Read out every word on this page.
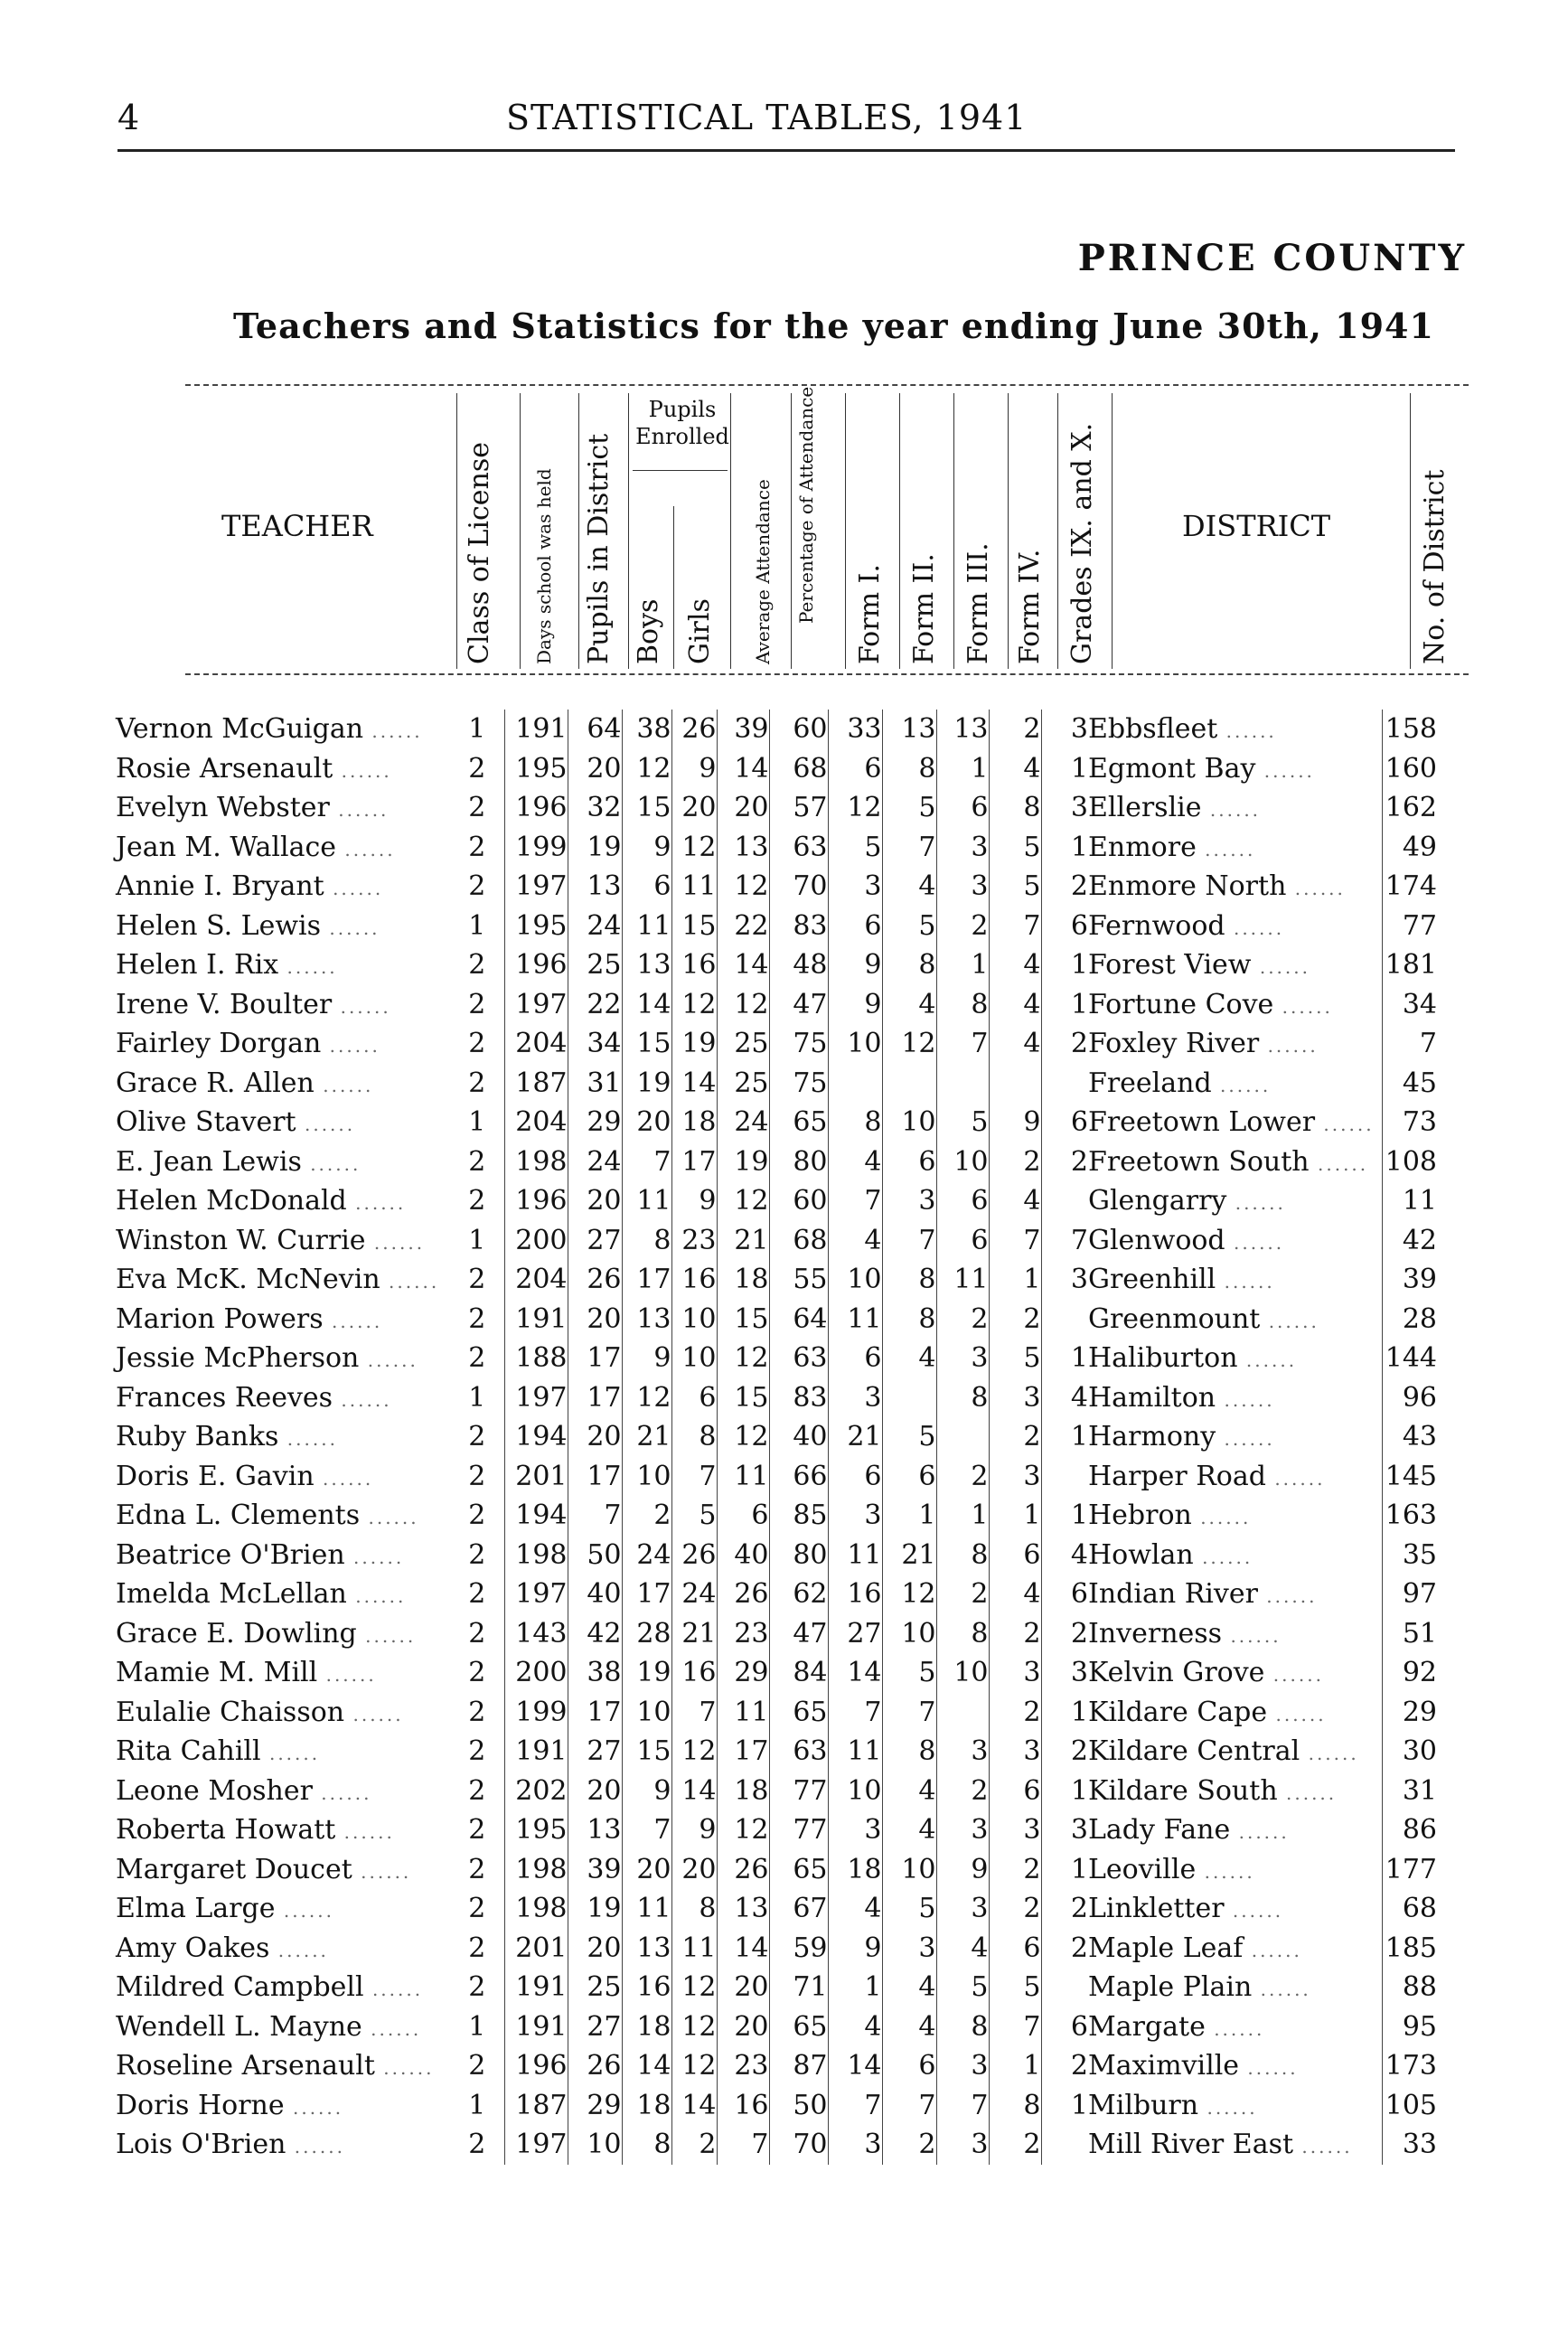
4	STATISTICAL TABLES, 1941
PRINCE COUNTY
Teachers and Statistics for the year ending June 30th, 1941
TEACHER	Class of License Days school was held Pupils in District
Pupils Enrolled
Boys Girls Average Attendance Percentage of Attendance Form I. Form II. Form III. Form IV. Grades IX. and X.	DISTRICT	No. of District
Vernon McGuigan ......	1	191	64	38	26	39	60	33	13	13	2	3	Ebbsfleet ......	158
Rosie Arsenault ......	2	195	20	12	9	14	68	6	8	1	4	1	Egmont Bay ......	160
Evelyn Webster ......	2	196	32	15	20	20	57	12	5	6	8	3	Ellerslie ......	162
Jean M. Wallace ......	2	199	19	9	12	13	63	5	7	3	5	1	Enmore ......	49
Annie I. Bryant ......	2	197	13	6	11	12	70	3	4	3	5	2	Enmore North ......	174
Helen S. Lewis ......	1	195	24	11	15	22	83	6	5	2	7	6	Fernwood ......	77
Helen I. Rix ......	2	196	25	13	16	14	48	9	8	1	4	1	Forest View ......	181
Irene V. Boulter ......	2	197	22	14	12	12	47	9	4	8	4	1	Fortune Cove ......	34
Fairley Dorgan ......	2	204	34	15	19	25	75	10	12	7	4	2	Foxley River ......	7
Grace R. Allen ......	2	187	31	19	14	25	75						Freeland ......	45
Olive Stavert ......	1	204	29	20	18	24	65	8	10	5	9	6	Freetown Lower ......	73
E. Jean Lewis ......	2	198	24	7	17	19	80	4	6	10	2	2	Freetown South ......	108
Helen McDonald ......	2	196	20	11	9	12	60	7	3	6	4		Glengarry ......	11
Winston W. Currie ......	1	200	27	8	23	21	68	4	7	6	7	7	Glenwood ......	42
Eva McK. McNevin ......	2	204	26	17	16	18	55	10	8	11	1	3	Greenhill ......	39
Marion Powers ......	2	191	20	13	10	15	64	11	8	2	2		Greenmount ......	28
Jessie McPherson ......	2	188	17	9	10	12	63	6	4	3	5	1	Haliburton ......	144
Frances Reeves ......	1	197	17	12	6	15	83	3		8	3	4	Hamilton ......	96
Ruby Banks ......	2	194	20	21	8	12	40	21	5		2	1	Harmony ......	43
Doris E. Gavin ......	2	201	17	10	7	11	66	6	6	2	3		Harper Road ......	145
Edna L. Clements ......	2	194	7	2	5	6	85	3	1	1	1	1	Hebron ......	163
Beatrice O'Brien ......	2	198	50	24	26	40	80	11	21	8	6	4	Howlan ......	35
Imelda McLellan ......	2	197	40	17	24	26	62	16	12	2	4	6	Indian River ......	97
Grace E. Dowling ......	2	143	42	28	21	23	47	27	10	8	2	2	Inverness ......	51
Mamie M. Mill ......	2	200	38	19	16	29	84	14	5	10	3	3	Kelvin Grove ......	92
Eulalie Chaisson ......	2	199	17	10	7	11	65	7	7		2	1	Kildare Cape ......	29
Rita Cahill ......	2	191	27	15	12	17	63	11	8	3	3	2	Kildare Central ......	30
Leone Mosher ......	2	202	20	9	14	18	77	10	4	2	6	1	Kildare South ......	31
Roberta Howatt ......	2	195	13	7	9	12	77	3	4	3	3	3	Lady Fane ......	86
Margaret Doucet ......	2	198	39	20	20	26	65	18	10	9	2	1	Leoville ......	177
Elma Large ......	2	198	19	11	8	13	67	4	5	3	2	2	Linkletter ......	68
Amy Oakes ......	2	201	20	13	11	14	59	9	3	4	6	2	Maple Leaf ......	185
Mildred Campbell ......	2	191	25	16	12	20	71	1	4	5	5		Maple Plain ......	88
Wendell L. Mayne ......	1	191	27	18	12	20	65	4	4	8	7	6	Margate ......	95
Roseline Arsenault ......	2	196	26	14	12	23	87	14	6	3	1	2	Maximville ......	173
Doris Horne ......	1	187	29	18	14	16	50	7	7	7	8	1	Milburn ......	105
Lois O'Brien ......	2	197	10	8	2	7	70	3	2	3	2		Mill River East ......	33
